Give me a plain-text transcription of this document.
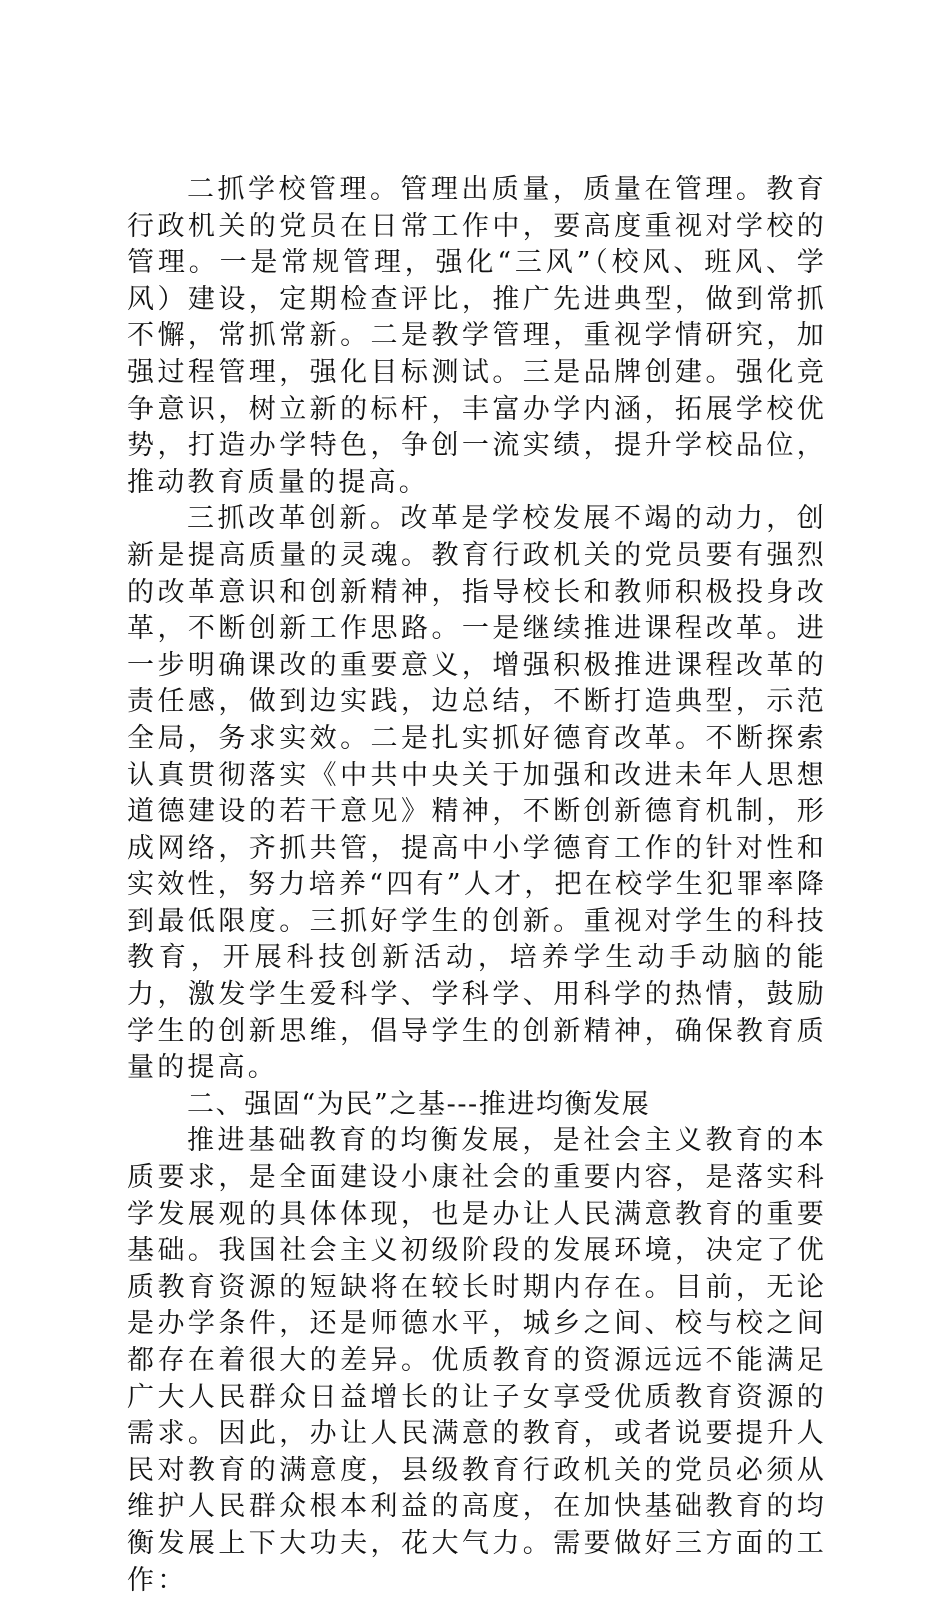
二抓学校管理。管理出质量，质量在管理。教育行政机关的党员在日常工作中，要高度重视对学校的管理。一是常规管理，强化“三风”（校风、班风、学风）建设，定期检查评比，推广先进典型，做到常抓不懈，常抓常新。二是教学管理，重视学情研究，加强过程管理，强化目标测试。三是品牌创建。强化竞争意识，树立新的标杆，丰富办学内涵，拓展学校优势，打造办学特色，争创一流实绩，提升学校品位，推动教育质量的提高。

三抓改革创新。改革是学校发展不竭的动力，创新是提高质量的灵魂。教育行政机关的党员要有强烈的改革意识和创新精神，指导校长和教师积极投身改革，不断创新工作思路。一是继续推进课程改革。进一步明确课改的重要意义，增强积极推进课程改革的责任感，做到边实践，边总结，不断打造典型，示范全局，务求实效。二是扎实抓好德育改革。不断探索认真贯彻落实《中共中央关于加强和改进未年人思想道德建设的若干意见》精神，不断创新德育机制，形成网络，齐抓共管，提高中小学德育工作的针对性和实效性，努力培养“四有”人才，把在校学生犯罪率降到最低限度。三抓好学生的创新。重视对学生的科技教育，开展科技创新活动，培养学生动手动脑的能力，激发学生爱科学、学科学、用科学的热情，鼓励学生的创新思维，倡导学生的创新精神，确保教育质量的提高。

二、强固“为民”之基---推进均衡发展

推进基础教育的均衡发展，是社会主义教育的本质要求，是全面建设小康社会的重要内容，是落实科学发展观的具体体现，也是办让人民满意教育的重要基础。我国社会主义初级阶段的发展环境，决定了优质教育资源的短缺将在较长时期内存在。目前，无论是办学条件，还是师德水平，城乡之间、校与校之间都存在着很大的差异。优质教育的资源远远不能满足广大人民群众日益增长的让子女享受优质教育资源的需求。因此，办让人民满意的教育，或者说要提升人民对教育的满意度，县级教育行政机关的党员必须从维护人民群众根本利益的高度，在加快基础教育的均衡发展上下大功夫，花大气力。需要做好三方面的工作：
